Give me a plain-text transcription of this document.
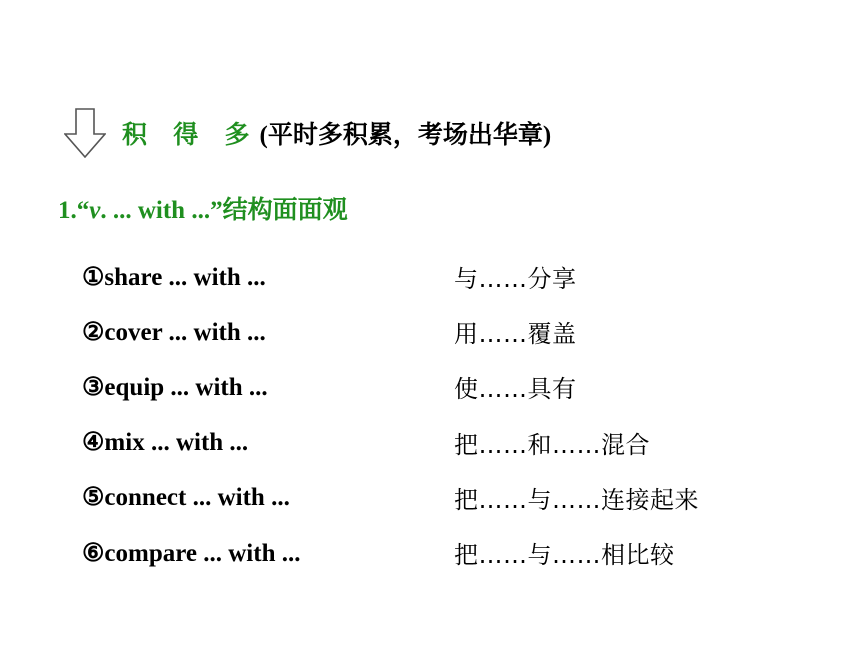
积 得 多(平时多积累，考场出华章)
1.“v. ... with ...”结构面面观
①share ... with ...	与……分享
②cover ... with ...	用……覆盖
③equip ... with ...	使……具有
④mix ... with ...	把……和……混合
⑤connect ... with ...	把……与……连接起来
⑥compare ... with ...	把……与……相比较
